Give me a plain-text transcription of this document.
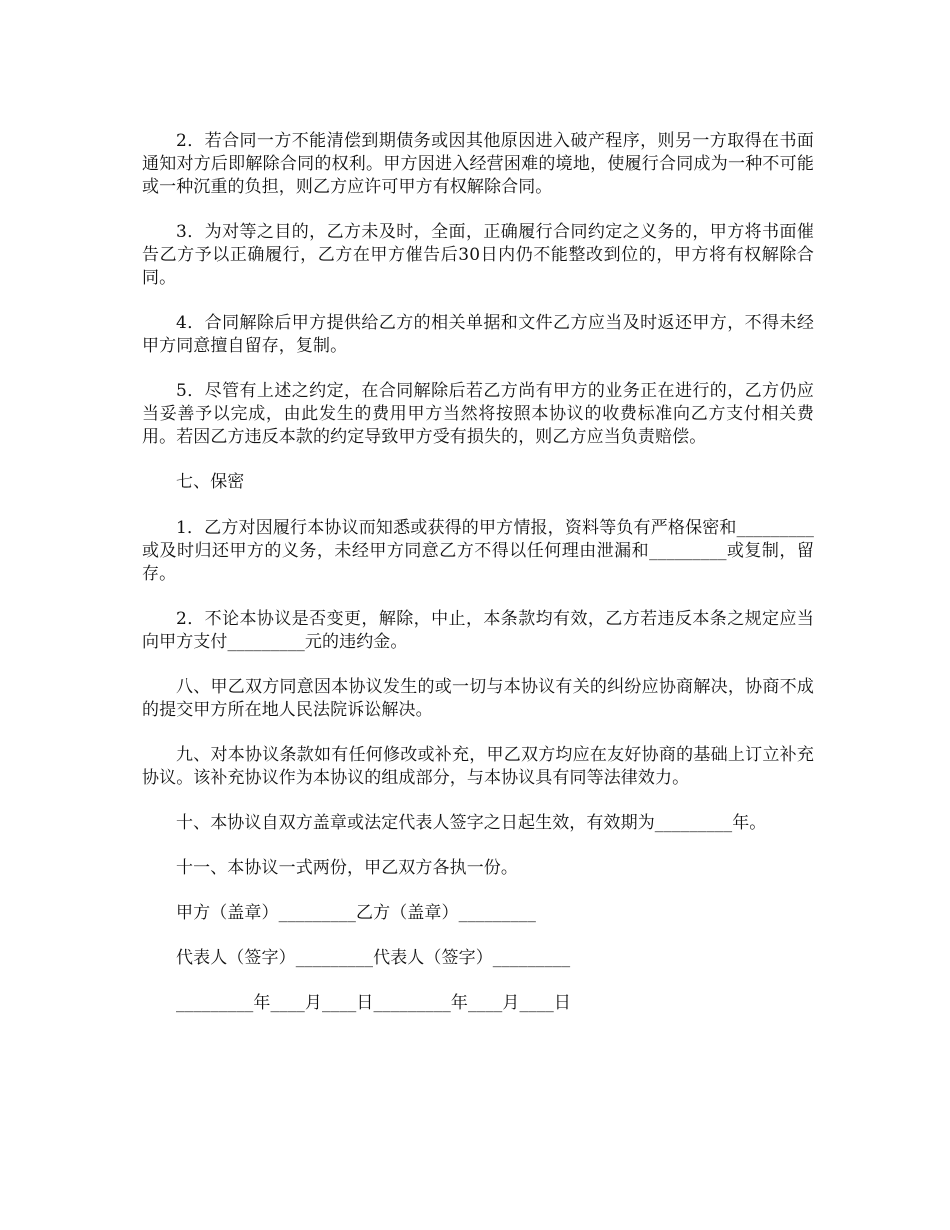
2．若合同一方不能清偿到期债务或因其他原因进入破产程序，则另一方取得在书面通知对方后即解除合同的权利。甲方因进入经营困难的境地，使履行合同成为一种不可能或一种沉重的负担，则乙方应许可甲方有权解除合同。

3．为对等之目的，乙方未及时，全面，正确履行合同约定之义务的，甲方将书面催告乙方予以正确履行，乙方在甲方催告后30日内仍不能整改到位的，甲方将有权解除合同。

4．合同解除后甲方提供给乙方的相关单据和文件乙方应当及时返还甲方，不得未经甲方同意擅自留存，复制。

5．尽管有上述之约定，在合同解除后若乙方尚有甲方的业务正在进行的，乙方仍应当妥善予以完成，由此发生的费用甲方当然将按照本协议的收费标准向乙方支付相关费用。若因乙方违反本款的约定导致甲方受有损失的，则乙方应当负责赔偿。

七、保密

1．乙方对因履行本协议而知悉或获得的甲方情报，资料等负有严格保密和_________或及时归还甲方的义务，未经甲方同意乙方不得以任何理由泄漏和_________或复制，留存。

2．不论本协议是否变更，解除，中止，本条款均有效，乙方若违反本条之规定应当向甲方支付_________元的违约金。

八、甲乙双方同意因本协议发生的或一切与本协议有关的纠纷应协商解决，协商不成的提交甲方所在地人民法院诉讼解决。

九、对本协议条款如有任何修改或补充，甲乙双方均应在友好协商的基础上订立补充协议。该补充协议作为本协议的组成部分，与本协议具有同等法律效力。

十、本协议自双方盖章或法定代表人签字之日起生效，有效期为_________年。

十一、本协议一式两份，甲乙双方各执一份。

甲方（盖章）_________乙方（盖章）_________

代表人（签字）_________代表人（签字）_________

_________年____月____日_________年____月____日
